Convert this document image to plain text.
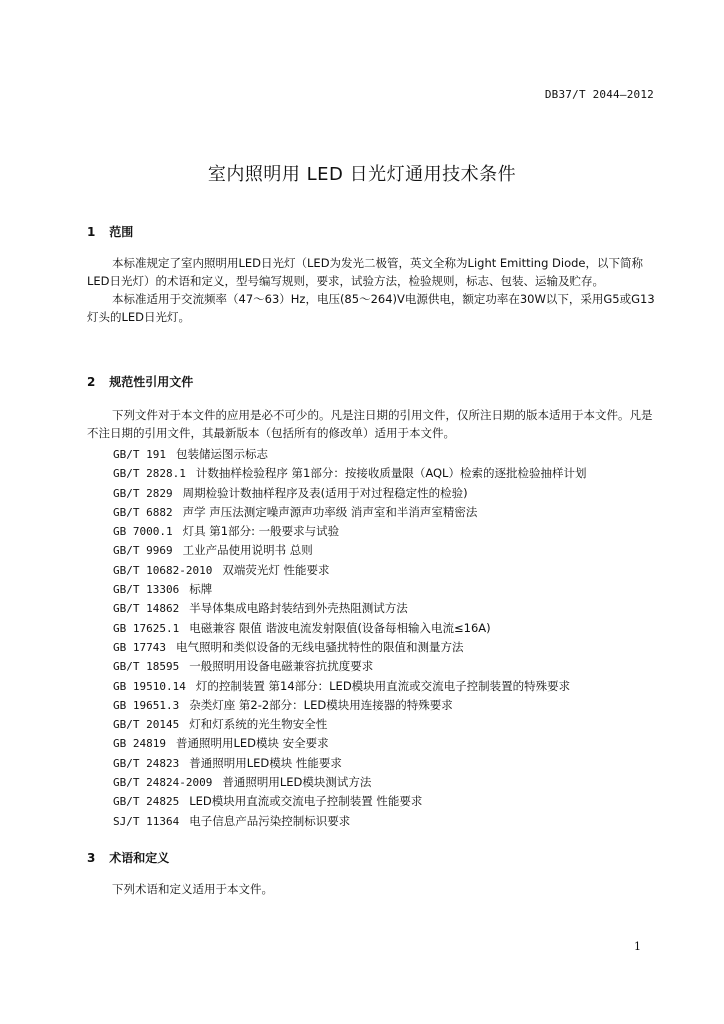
DB37/T 2044—2012
室内照明用 LED 日光灯通用技术条件
1 范围

本标准规定了室内照明用LED日光灯（LED为发光二极管，英文全称为Light Emitting Diode，以下简称LED日光灯）的术语和定义，型号编写规则，要求，试验方法，检验规则，标志、包装、运输及贮存。

本标准适用于交流频率（47～63）Hz，电压(85～264)V电源供电，额定功率在30W以下，采用G5或G13灯头的LED日光灯。

2 规范性引用文件

下列文件对于本文件的应用是必不可少的。凡是注日期的引用文件，仅所注日期的版本适用于本文件。凡是不注日期的引用文件，其最新版本（包括所有的修改单）适用于本文件。

GB/T 191 包装储运图示标志
GB/T 2828.1 计数抽样检验程序 第1部分：按接收质量限（AQL）检索的逐批检验抽样计划
GB/T 2829 周期检验计数抽样程序及表(适用于对过程稳定性的检验)
GB/T 6882 声学 声压法测定噪声源声功率级 消声室和半消声室精密法
GB 7000.1 灯具 第1部分: 一般要求与试验
GB/T 9969 工业产品使用说明书 总则
GB/T 10682-2010 双端荧光灯 性能要求
GB/T 13306 标牌
GB/T 14862 半导体集成电路封装结到外壳热阻测试方法
GB 17625.1 电磁兼容 限值 谐波电流发射限值(设备每相输入电流≤16A)
GB 17743 电气照明和类似设备的无线电骚扰特性的限值和测量方法
GB/T 18595 一般照明用设备电磁兼容抗扰度要求
GB 19510.14 灯的控制装置 第14部分：LED模块用直流或交流电子控制装置的特殊要求
GB 19651.3 杂类灯座 第2-2部分：LED模块用连接器的特殊要求
GB/T 20145 灯和灯系统的光生物安全性
GB 24819 普通照明用LED模块 安全要求
GB/T 24823 普通照明用LED模块 性能要求
GB/T 24824-2009 普通照明用LED模块测试方法
GB/T 24825 LED模块用直流或交流电子控制装置 性能要求
SJ/T 11364 电子信息产品污染控制标识要求
3 术语和定义

下列术语和定义适用于本文件。

1
